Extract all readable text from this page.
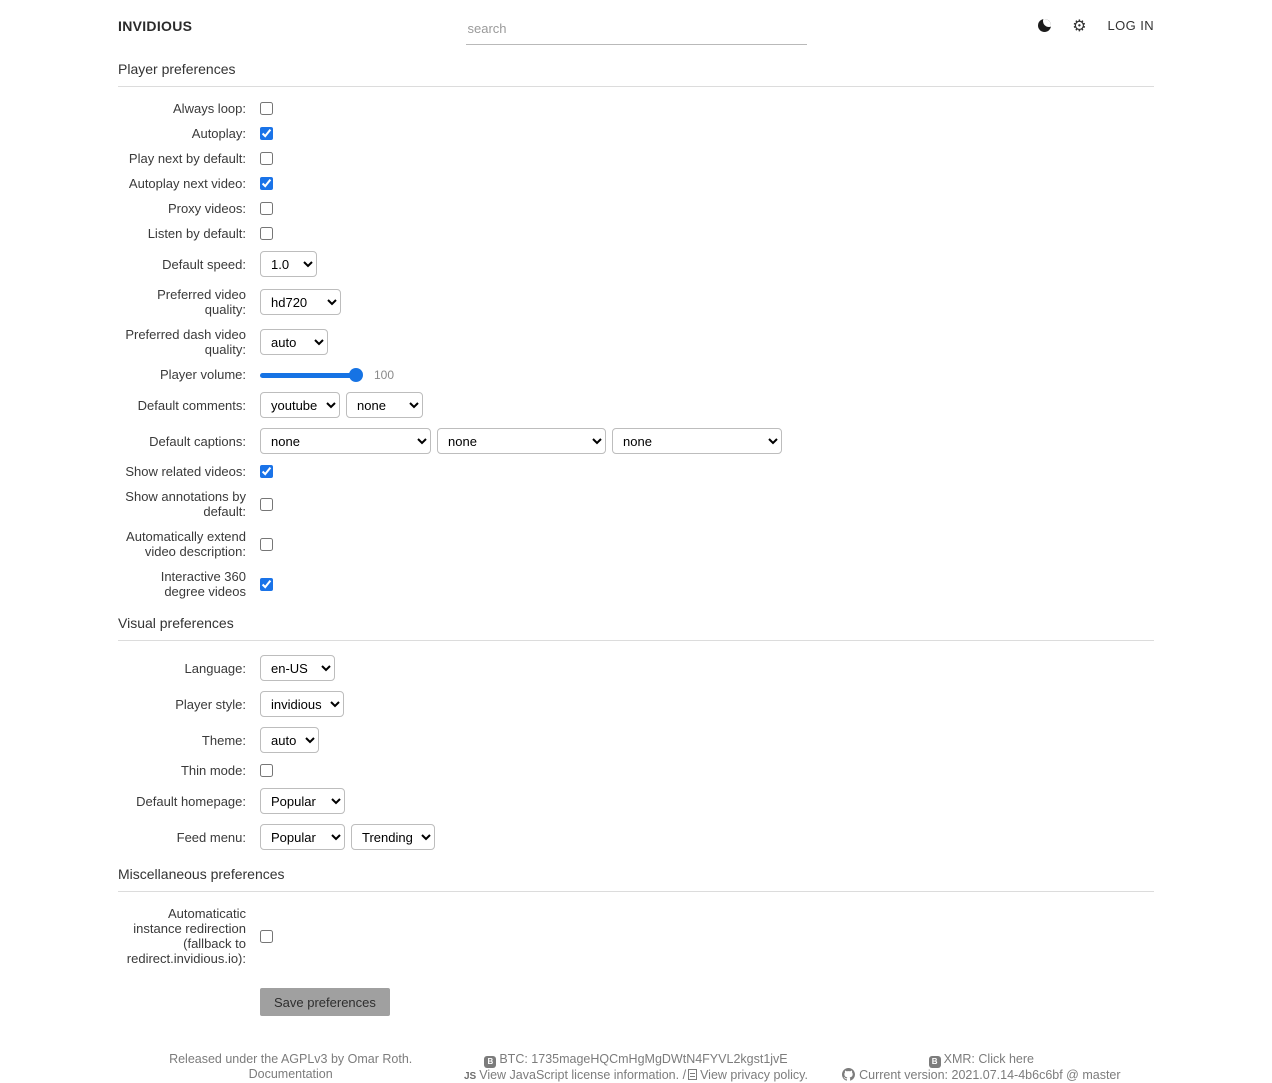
INVIDIOUS
search	⚙ LOG IN
Player preferences
Always loop:
Autoplay:
Play next by default:
Autoplay next video:
Proxy videos:
Listen by default:
Default speed:
1.0
Preferred video quality:
hd720
Preferred dash video quality:
auto
Player volume:	100
Default comments:
youtube
none
Default captions:
none
none
none
Show related videos:
Show annotations by default:
Automatically extend video description:
Interactive 360 degree videos
Visual preferences
Language:
en-US
Player style:
invidious
Theme:
auto
Thin mode:
Default homepage:
Popular
Feed menu:
Popular
Trending
Miscellaneous preferences
Automaticatic instance redirection (fallback to redirect.invidious.io):
Save preferences
Released under the AGPLv3 by Omar Roth.
Documentation
B BTC: 1735mageHQCmHgMgDWtN4FYVL2kgst1jvE
JS View JavaScript license information. / View privacy policy.
B XMR: Click here
Current version: 2021.07.14-4b6c6bf @ master
